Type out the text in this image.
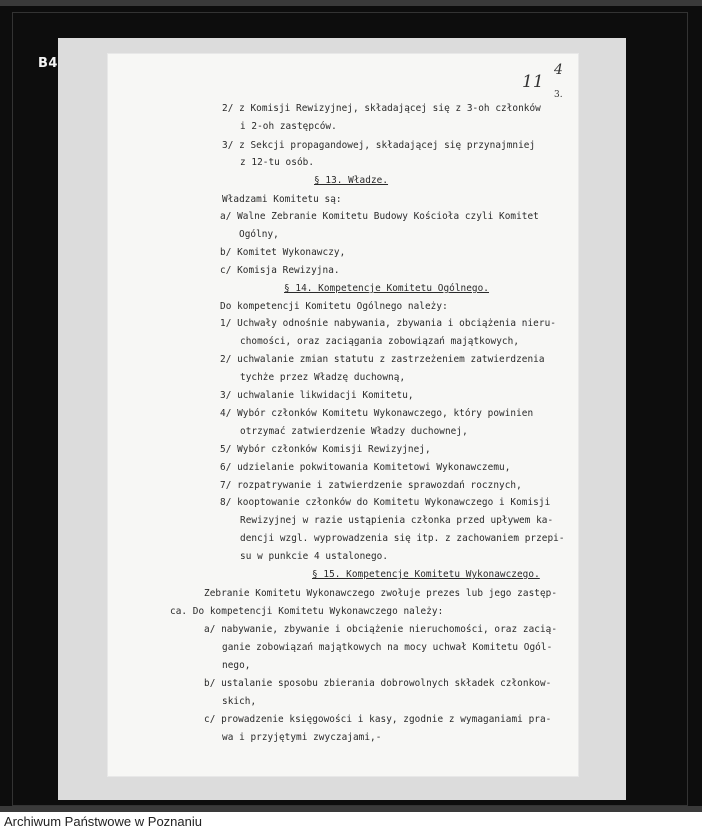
B4
2/ z Komisji Rewizyjnej, składającej się z 3-oh członków
i 2-oh zastępców.
3/ z Sekcji propagandowej, składającej się przynajmniej
z 12-tu osób.
§ 13. Władze.
Władzami Komitetu są:
a/ Walne Zebranie Komitetu Budowy Kościoła czyli Komitet
Ogólny,
b/ Komitet Wykonawczy,
c/ Komisja Rewizyjna.
§ 14. Kompetencje Komitetu Ogólnego.
Do kompetencji Komitetu Ogólnego należy:
1/ Uchwały odnośnie nabywania, zbywania i obciążenia nieru-
chomości, oraz zaciągania zobowiązań majątkowych,
2/ uchwalanie zmian statutu z zastrzeżeniem zatwierdzenia
tychże przez Władzę duchowną,
3/ uchwalanie likwidacji Komitetu,
4/ Wybór członków Komitetu Wykonawczego, który powinien
otrzymać zatwierdzenie Władzy duchownej,
5/ Wybór członków Komisji Rewizyjnej,
6/ udzielanie pokwitowania Komitetowi Wykonawczemu,
7/ rozpatrywanie i zatwierdzenie sprawozdań rocznych,
8/ kooptowanie członków do Komitetu Wykonawczego i Komisji
Rewizyjnej w razie ustąpienia członka przed upływem ka-
dencji wzgl. wyprowadzenia się itp. z zachowaniem przepi-
su w punkcie 4 ustalonego.
§ 15. Kompetencje Komitetu Wykonawczego.
Zebranie Komitetu Wykonawczego zwołuje prezes lub jego zastęp-
ca. Do kompetencji Komitetu Wykonawczego należy:
a/ nabywanie, zbywanie i obciążenie nieruchomości, oraz zacią-
ganie zobowiązań majątkowych na mocy uchwał Komitetu Ogól-
nego,
b/ ustalanie sposobu zbierania dobrowolnych składek członkow-
skich,
c/ prowadzenie księgowości i kasy, zgodnie z wymaganiami pra-
wa i przyjętymi zwyczajami,-
11
4
3.
Archiwum Państwowe w Poznaniu
